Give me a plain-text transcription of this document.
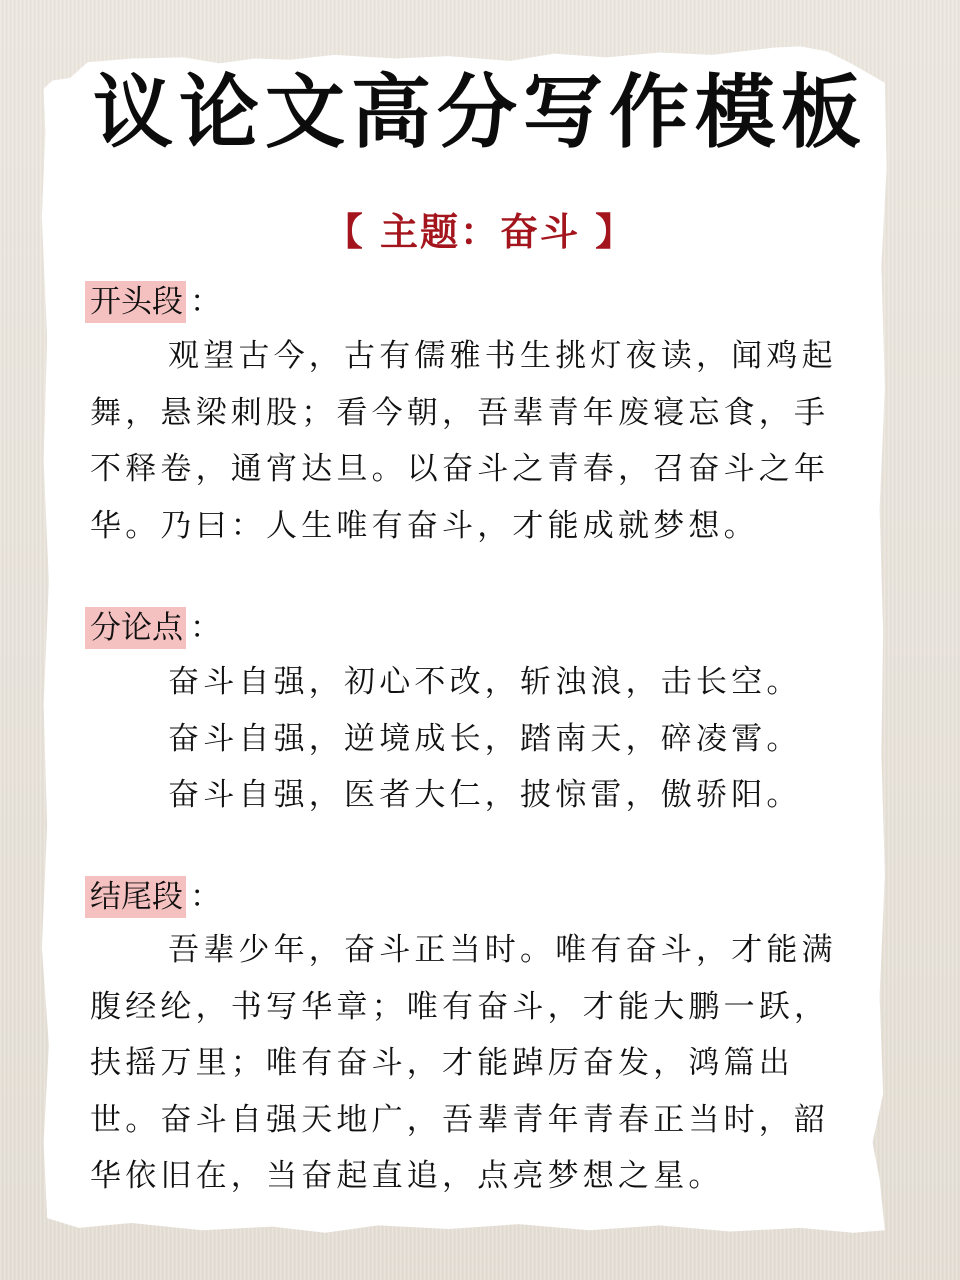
议论文高分写作模板
【 主题：奋斗 】
开头段 ：
观望古今，古有儒雅书生挑灯夜读，闻鸡起
舞，悬梁刺股；看今朝，吾辈青年废寝忘食，手
不释卷，通宵达旦。以奋斗之青春，召奋斗之年
华。乃曰：人生唯有奋斗，才能成就梦想。
分论点 ：
奋斗自强，初心不改，斩浊浪，击长空。
奋斗自强，逆境成长，踏南天，碎凌霄。
奋斗自强，医者大仁，披惊雷，傲骄阳。
结尾段 ：
吾辈少年，奋斗正当时。唯有奋斗，才能满
腹经纶，书写华章；唯有奋斗，才能大鹏一跃，
扶摇万里；唯有奋斗，才能踔厉奋发，鸿篇出
世。奋斗自强天地广，吾辈青年青春正当时，韶
华依旧在，当奋起直追，点亮梦想之星。
